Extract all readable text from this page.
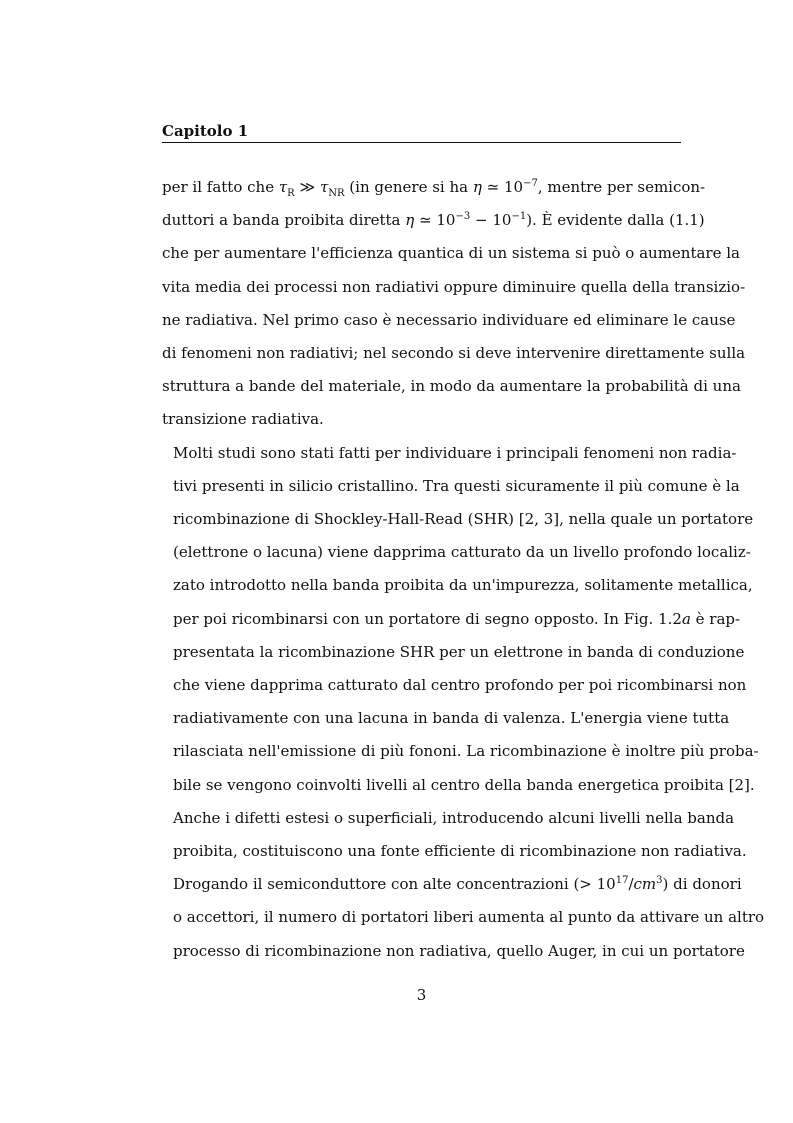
Capitolo 1

per il fatto che $\tau_R$ ≫ $\tau_{NR}$ (in genere si ha η ≃ $10^{-7}$, mentre per semicon-
duttori a banda proibita diretta η ≃ $10^{-3} - 10^{-1}$). È evidente dalla (1.1)
che per aumentare l'efficienza quantica di un sistema si può o aumentare la
vita media dei processi non radiativi oppure diminuire quella della transizio-
ne radiativa. Nel primo caso è necessario individuare ed eliminare le cause
di fenomeni non radiativi; nel secondo si deve intervenire direttamente sulla
struttura a bande del materiale, in modo da aumentare la probabilità di una
transizione radiativa.

Molti studi sono stati fatti per individuare i principali fenomeni non radia-
tivi presenti in silicio cristallino. Tra questi sicuramente il più comune è la
ricombinazione di Shockley-Hall-Read (SHR) [2, 3], nella quale un portatore
(elettrone o lacuna) viene dapprima catturato da un livello profondo localiz-
zato introdotto nella banda proibita da un'impurezza, solitamente metallica,
per poi ricombinarsi con un portatore di segno opposto. In Fig. 1.2a è rap-
presentata la ricombinazione SHR per un elettrone in banda di conduzione
che viene dapprima catturato dal centro profondo per poi ricombinarsi non
radiativamente con una lacuna in banda di valenza. L'energia viene tutta
rilasciata nell'emissione di più fononi. La ricombinazione è inoltre più proba-
bile se vengono coinvolti livelli al centro della banda energetica proibita [2].
Anche i difetti estesi o superficiali, introducendo alcuni livelli nella banda
proibita, costituiscono una fonte efficiente di ricombinazione non radiativa.

Drogando il semiconduttore con alte concentrazioni (> $10^{17}/cm^3$) di donori
o accettori, il numero di portatori liberi aumenta al punto da attivare un altro
processo di ricombinazione non radiativa, quello Auger, in cui un portatore

3
